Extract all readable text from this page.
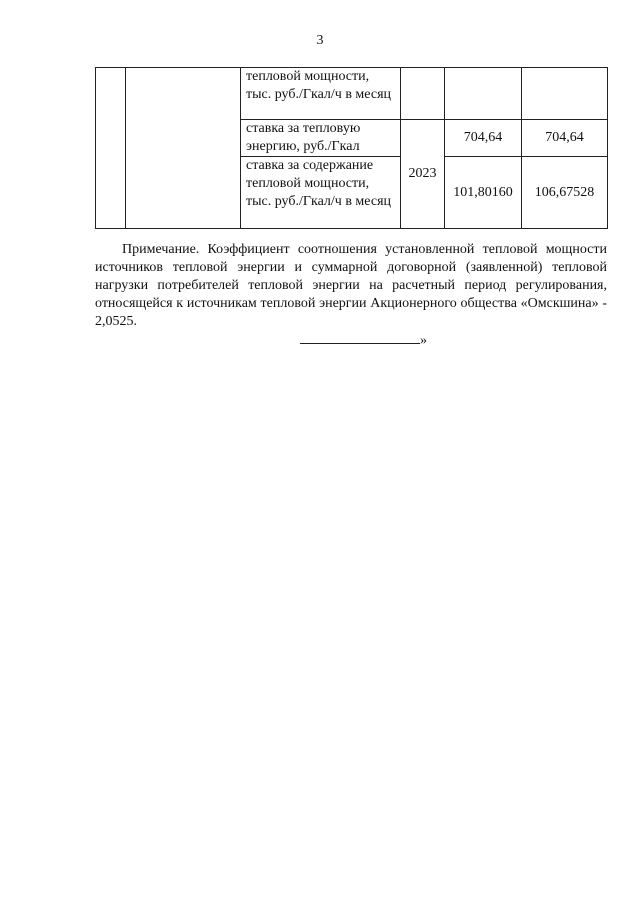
3
		тепловой мощности, тыс. руб./Гкал/ч в месяц			
		ставка за тепловую энергию, руб./Гкал	2023	704,64	704,64
		ставка за содержание тепловой мощности, тыс. руб./Гкал/ч в месяц		101,80160	106,67528

Примечание. Коэффициент соотношения установленной тепловой мощности источников тепловой энергии и суммарной договорной (заявленной) тепловой нагрузки потребителей тепловой энергии на расчетный период регулирования, относящейся к источникам тепловой энергии Акционерного общества «Омскшина» - 2,0525.

»
